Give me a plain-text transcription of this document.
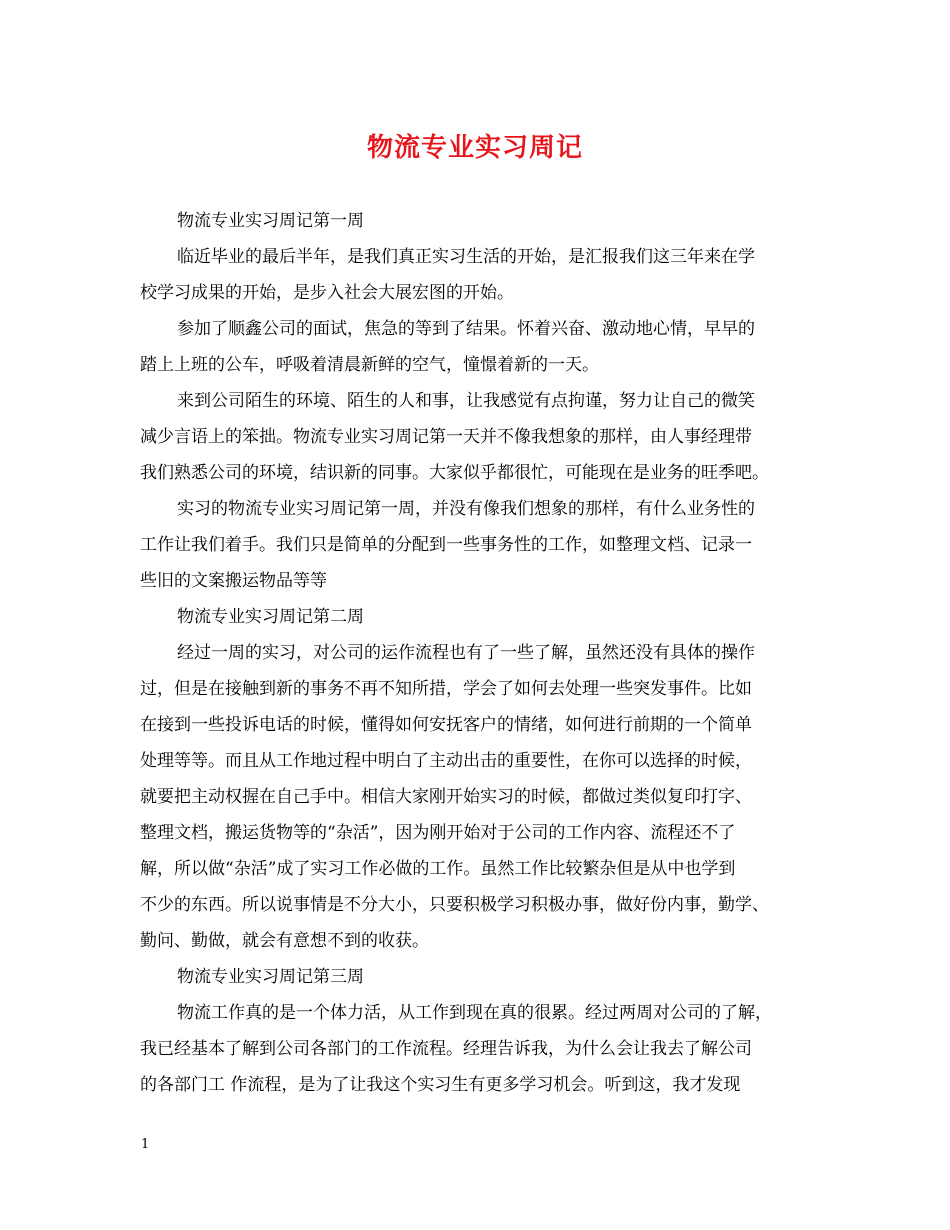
物流专业实习周记
物流专业实习周记第一周
临近毕业的最后半年，是我们真正实习生活的开始，是汇报我们这三年来在学
校学习成果的开始，是步入社会大展宏图的开始。
参加了顺鑫公司的面试，焦急的等到了结果。怀着兴奋、激动地心情，早早的
踏上上班的公车，呼吸着清晨新鲜的空气，憧憬着新的一天。
来到公司陌生的环境、陌生的人和事，让我感觉有点拘谨，努力让自己的微笑
减少言语上的笨拙。物流专业实习周记第一天并不像我想象的那样，由人事经理带
我们熟悉公司的环境，结识新的同事。大家似乎都很忙，可能现在是业务的旺季吧。
实习的物流专业实习周记第一周，并没有像我们想象的那样，有什么业务性的
工作让我们着手。我们只是简单的分配到一些事务性的工作，如整理文档、记录一
些旧的文案搬运物品等等
物流专业实习周记第二周
经过一周的实习，对公司的运作流程也有了一些了解，虽然还没有具体的操作
过，但是在接触到新的事务不再不知所措，学会了如何去处理一些突发事件。比如
在接到一些投诉电话的时候，懂得如何安抚客户的情绪，如何进行前期的一个简单
处理等等。而且从工作地过程中明白了主动出击的重要性，在你可以选择的时候，
就要把主动权握在自己手中。相信大家刚开始实习的时候，都做过类似复印打字、
整理文档，搬运货物等的“杂活”，因为刚开始对于公司的工作内容、流程还不了
解，所以做“杂活”成了实习工作必做的工作。虽然工作比较繁杂但是从中也学到
不少的东西。所以说事情是不分大小，只要积极学习积极办事，做好份内事，勤学、
勤问、勤做，就会有意想不到的收获。
物流专业实习周记第三周
物流工作真的是一个体力活，从工作到现在真的很累。经过两周对公司的了解，
我已经基本了解到公司各部门的工作流程。经理告诉我，为什么会让我去了解公司
的各部门工 作流程，是为了让我这个实习生有更多学习机会。听到这，我才发现
1
